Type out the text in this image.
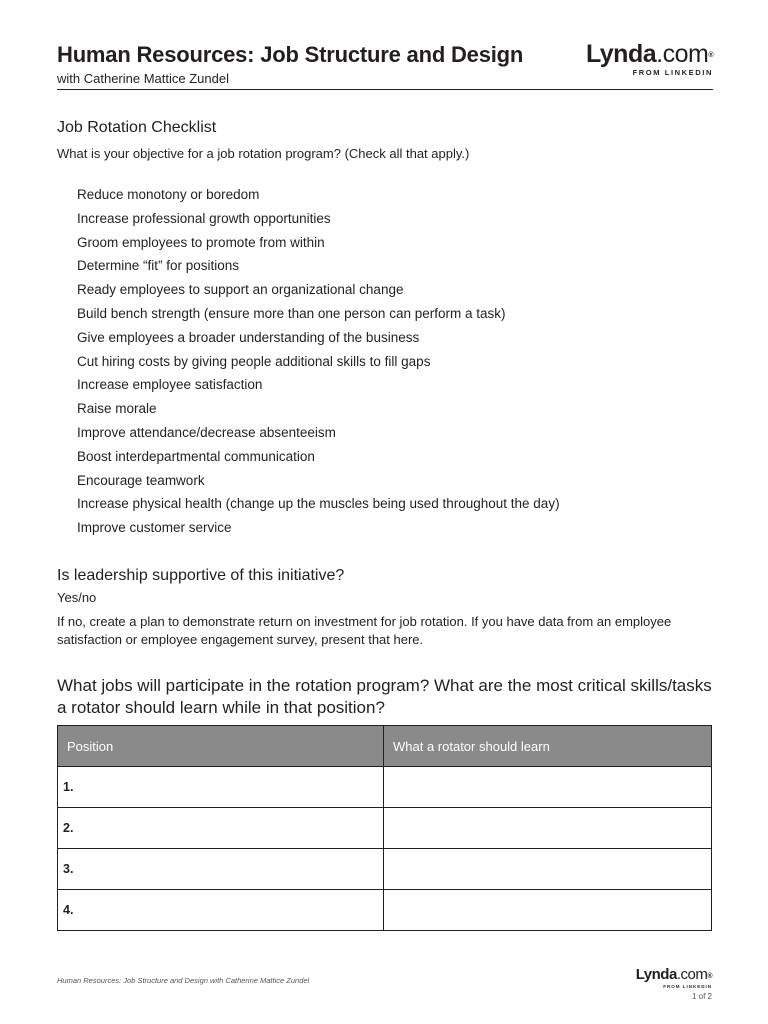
Human Resources: Job Structure and Design
with Catherine Mattice Zundel
Lynda.com®
FROM LINKEDIN
Job Rotation Checklist
What is your objective for a job rotation program? (Check all that apply.)
Reduce monotony or boredom
Increase professional growth opportunities
Groom employees to promote from within
Determine “fit” for positions
Ready employees to support an organizational change
Build bench strength (ensure more than one person can perform a task)
Give employees a broader understanding of the business
Cut hiring costs by giving people additional skills to fill gaps
Increase employee satisfaction
Raise morale
Improve attendance/decrease absenteeism
Boost interdepartmental communication
Encourage teamwork
Increase physical health (change up the muscles being used throughout the day)
Improve customer service
Is leadership supportive of this initiative?
Yes/no
If no, create a plan to demonstrate return on investment for job rotation. If you have data from an employee satisfaction or employee engagement survey, present that here.
What jobs will participate in the rotation program? What are the most critical skills/tasks a rotator should learn while in that position?
Position	What a rotator should learn
1.	
2.	
3.	
4.	
Human Resources: Job Structure and Design with Catherine Mattice Zundel	Lynda.com®
FROM LINKEDIN
1 of 2
